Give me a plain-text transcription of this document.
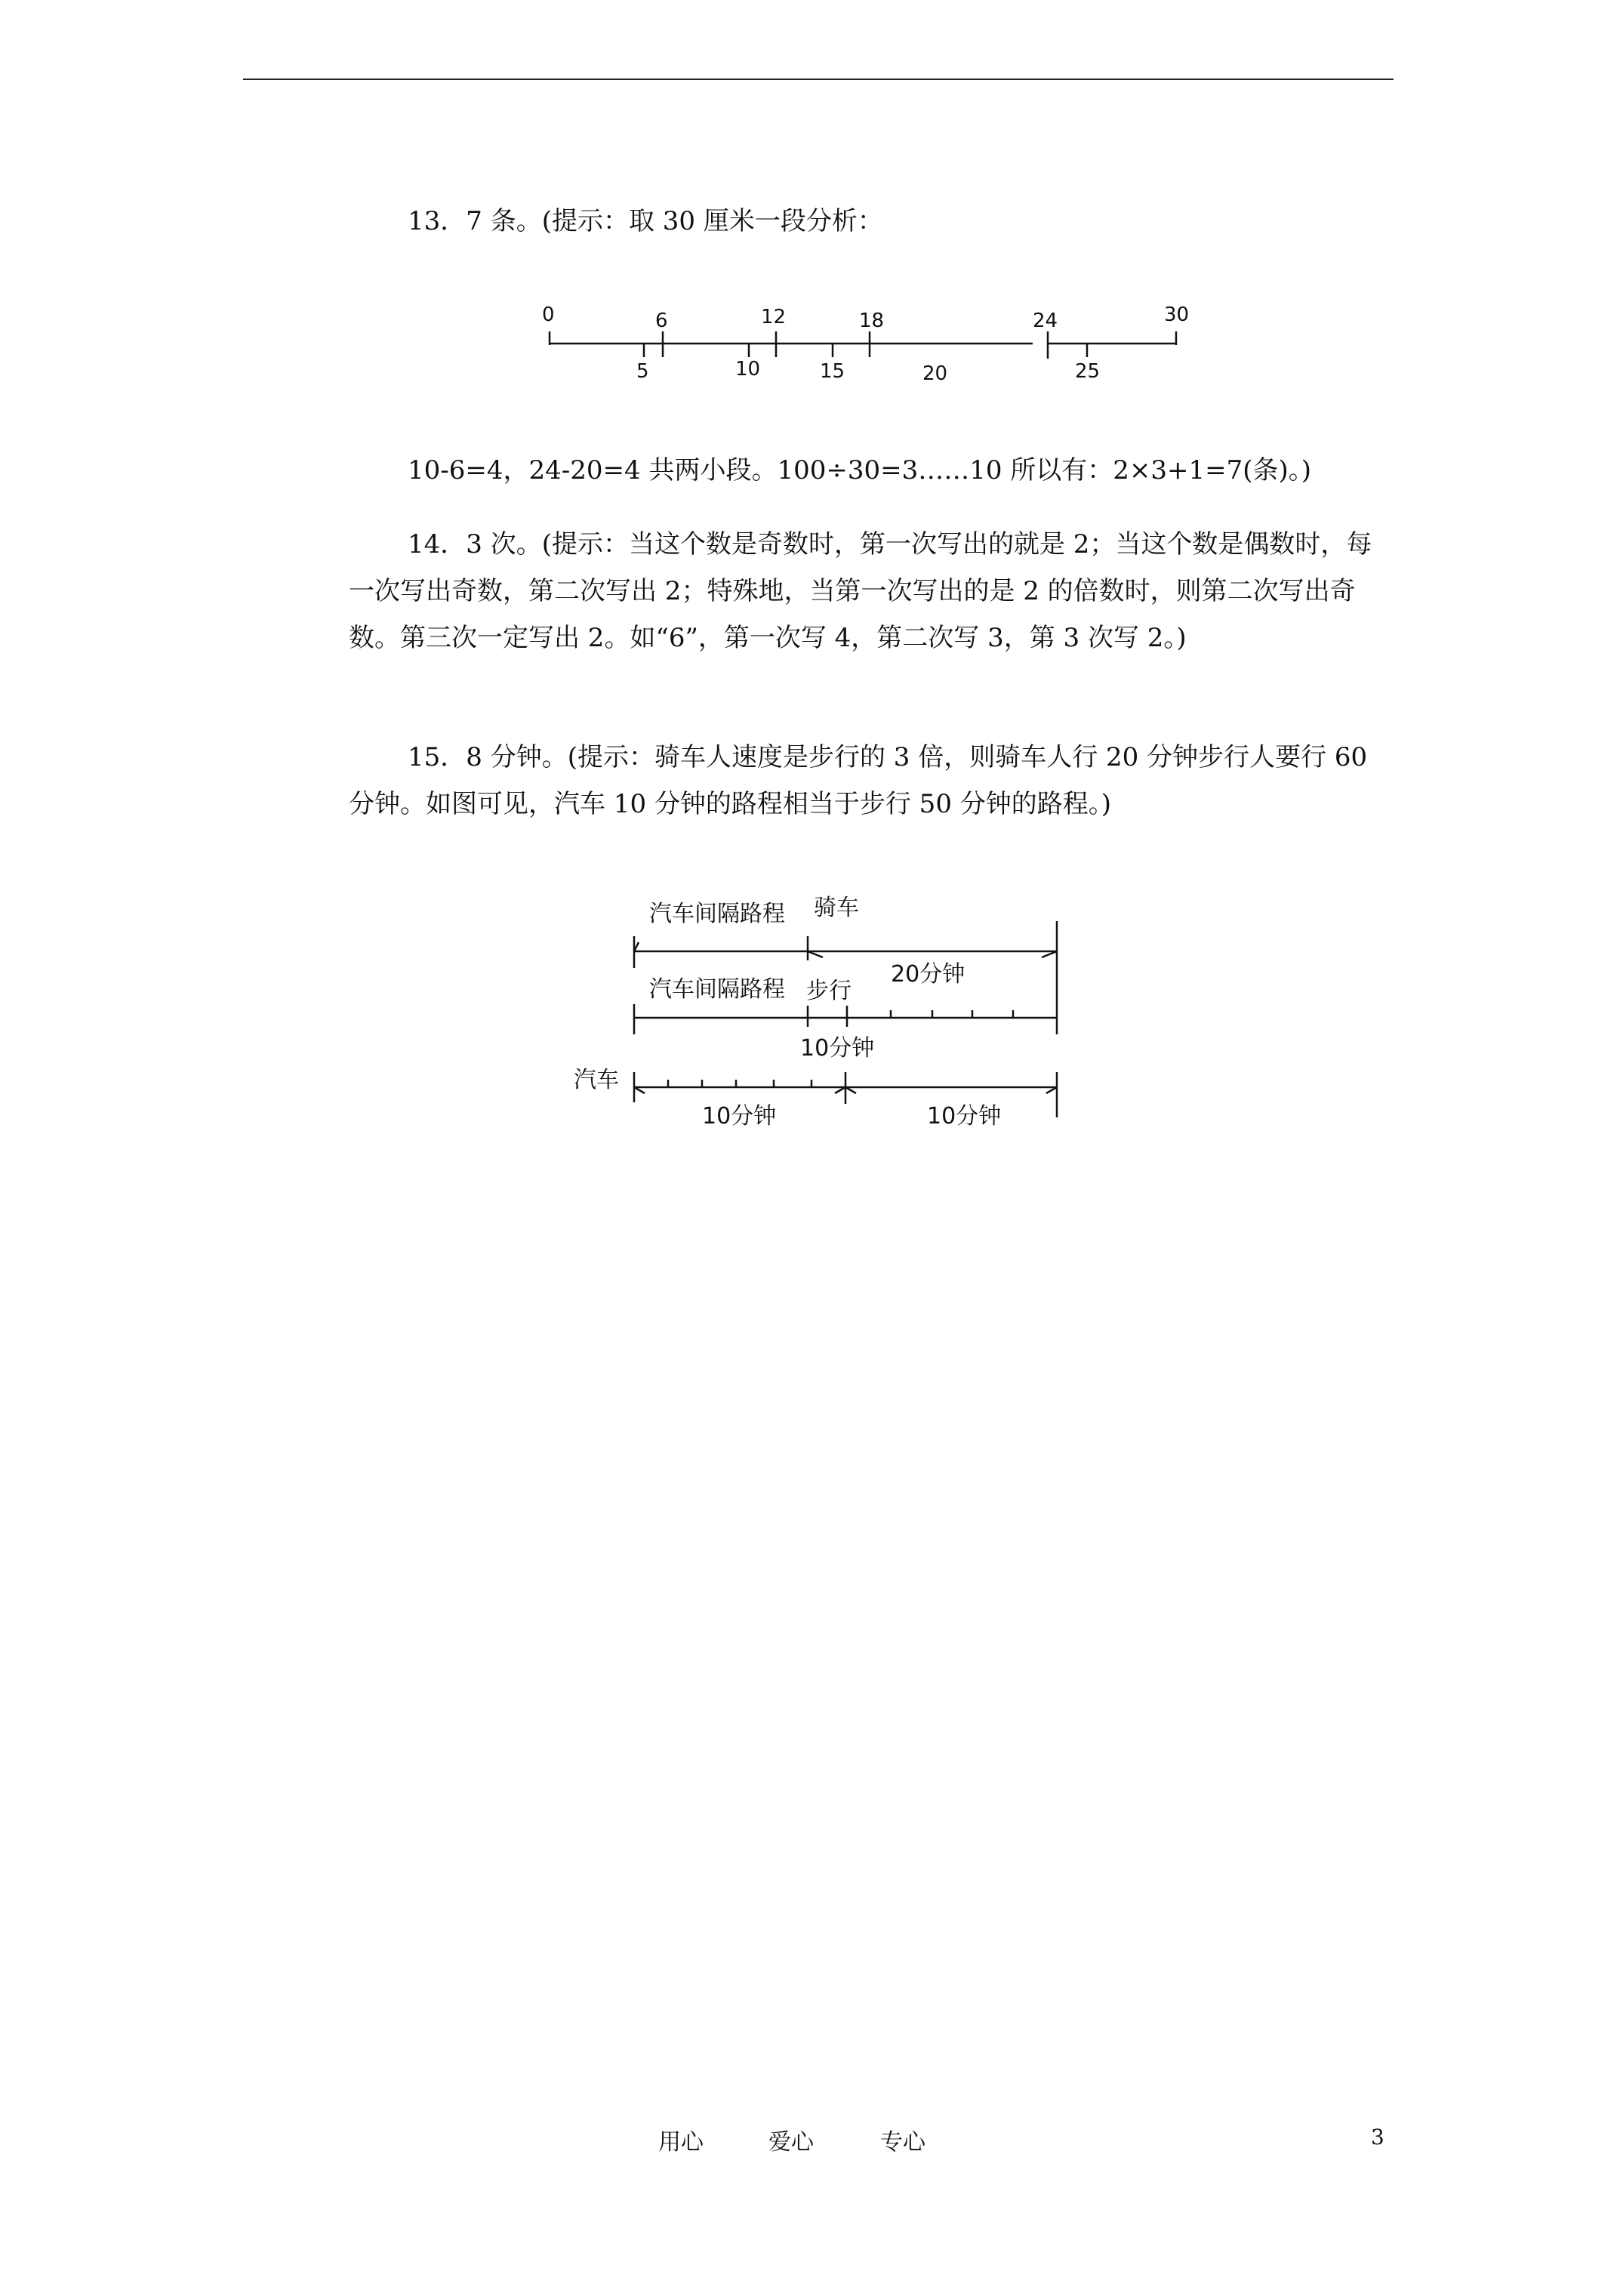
13．7 条。(提示：取 30 厘米一段分析：

0	6	12	18	24	30
5	10	15	20	25

10-6=4，24-20=4 共两小段。100÷30=3……10 所以有：2×3+1=7(条)。)

14．3 次。(提示：当这个数是奇数时，第一次写出的就是 2；当这个数是偶数时，每一次写出奇数，第二次写出 2；特殊地，当第一次写出的是 2 的倍数时，则第二次写出奇数。第三次一定写出 2。如“6”，第一次写 4，第二次写 3，第 3 次写 2。)

15．8 分钟。(提示：骑车人速度是步行的 3 倍，则骑车人行 20 分钟步行人要行 60 分钟。如图可见，汽车 10 分钟的路程相当于步行 50 分钟的路程。)

汽车间隔路程 骑车
20分钟
汽车间隔路程 步行
10分钟
汽车
10分钟	10分钟
用心	爱心	专心	3
